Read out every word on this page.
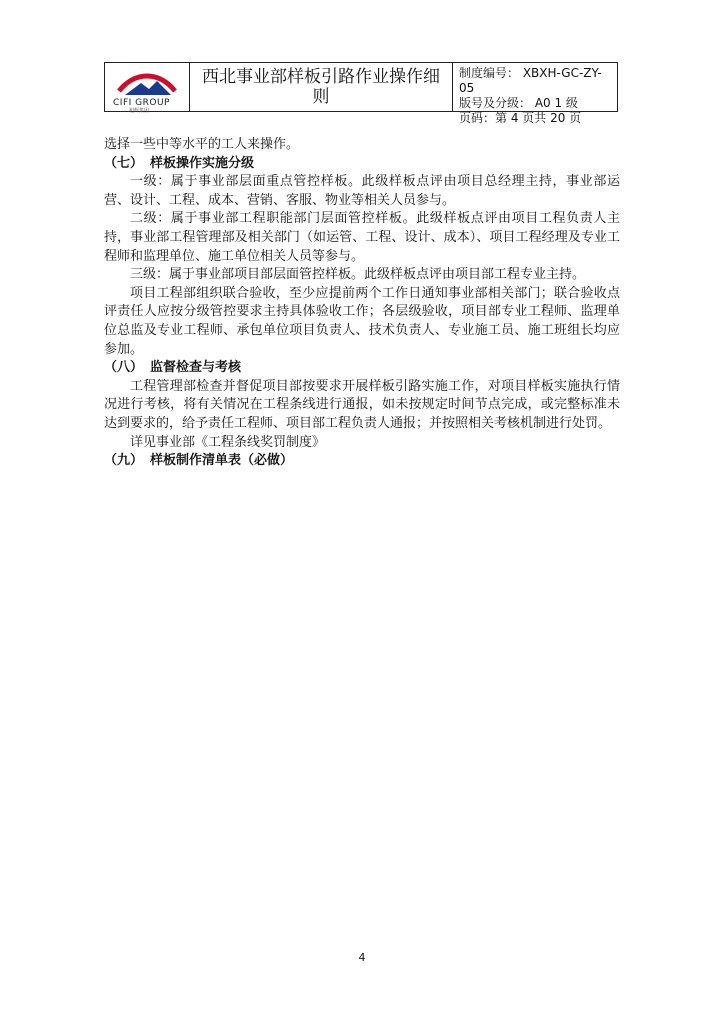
CIFI GROUP
旭辉集团
西北事业部样板引路作业操作细则
制度编号： XBXH-GC-ZY-05
版号及分级： A0 1 级
页码：第 4 页共 20 页

选择一些中等水平的工人来操作。

（七） 样板操作实施分级

一级：属于事业部层面重点管控样板。此级样板点评由项目总经理主持，事业部运营、设计、工程、成本、营销、客服、物业等相关人员参与。

二级：属于事业部工程职能部门层面管控样板。此级样板点评由项目工程负责人主持，事业部工程管理部及相关部门（如运管、工程、设计、成本）、项目工程经理及专业工程师和监理单位、施工单位相关人员等参与。

三级：属于事业部项目部层面管控样板。此级样板点评由项目部工程专业主持。

项目工程部组织联合验收，至少应提前两个工作日通知事业部相关部门；联合验收点评责任人应按分级管控要求主持具体验收工作；各层级验收，项目部专业工程师、监理单位总监及专业工程师、承包单位项目负责人、技术负责人、专业施工员、施工班组长均应参加。

（八） 监督检查与考核

工程管理部检查并督促项目部按要求开展样板引路实施工作，对项目样板实施执行情况进行考核，将有关情况在工程条线进行通报，如未按规定时间节点完成，或完整标准未达到要求的，给予责任工程师、项目部工程负责人通报；并按照相关考核机制进行处罚。

详见事业部《工程条线奖罚制度》

（九） 样板制作清单表（必做）

4
